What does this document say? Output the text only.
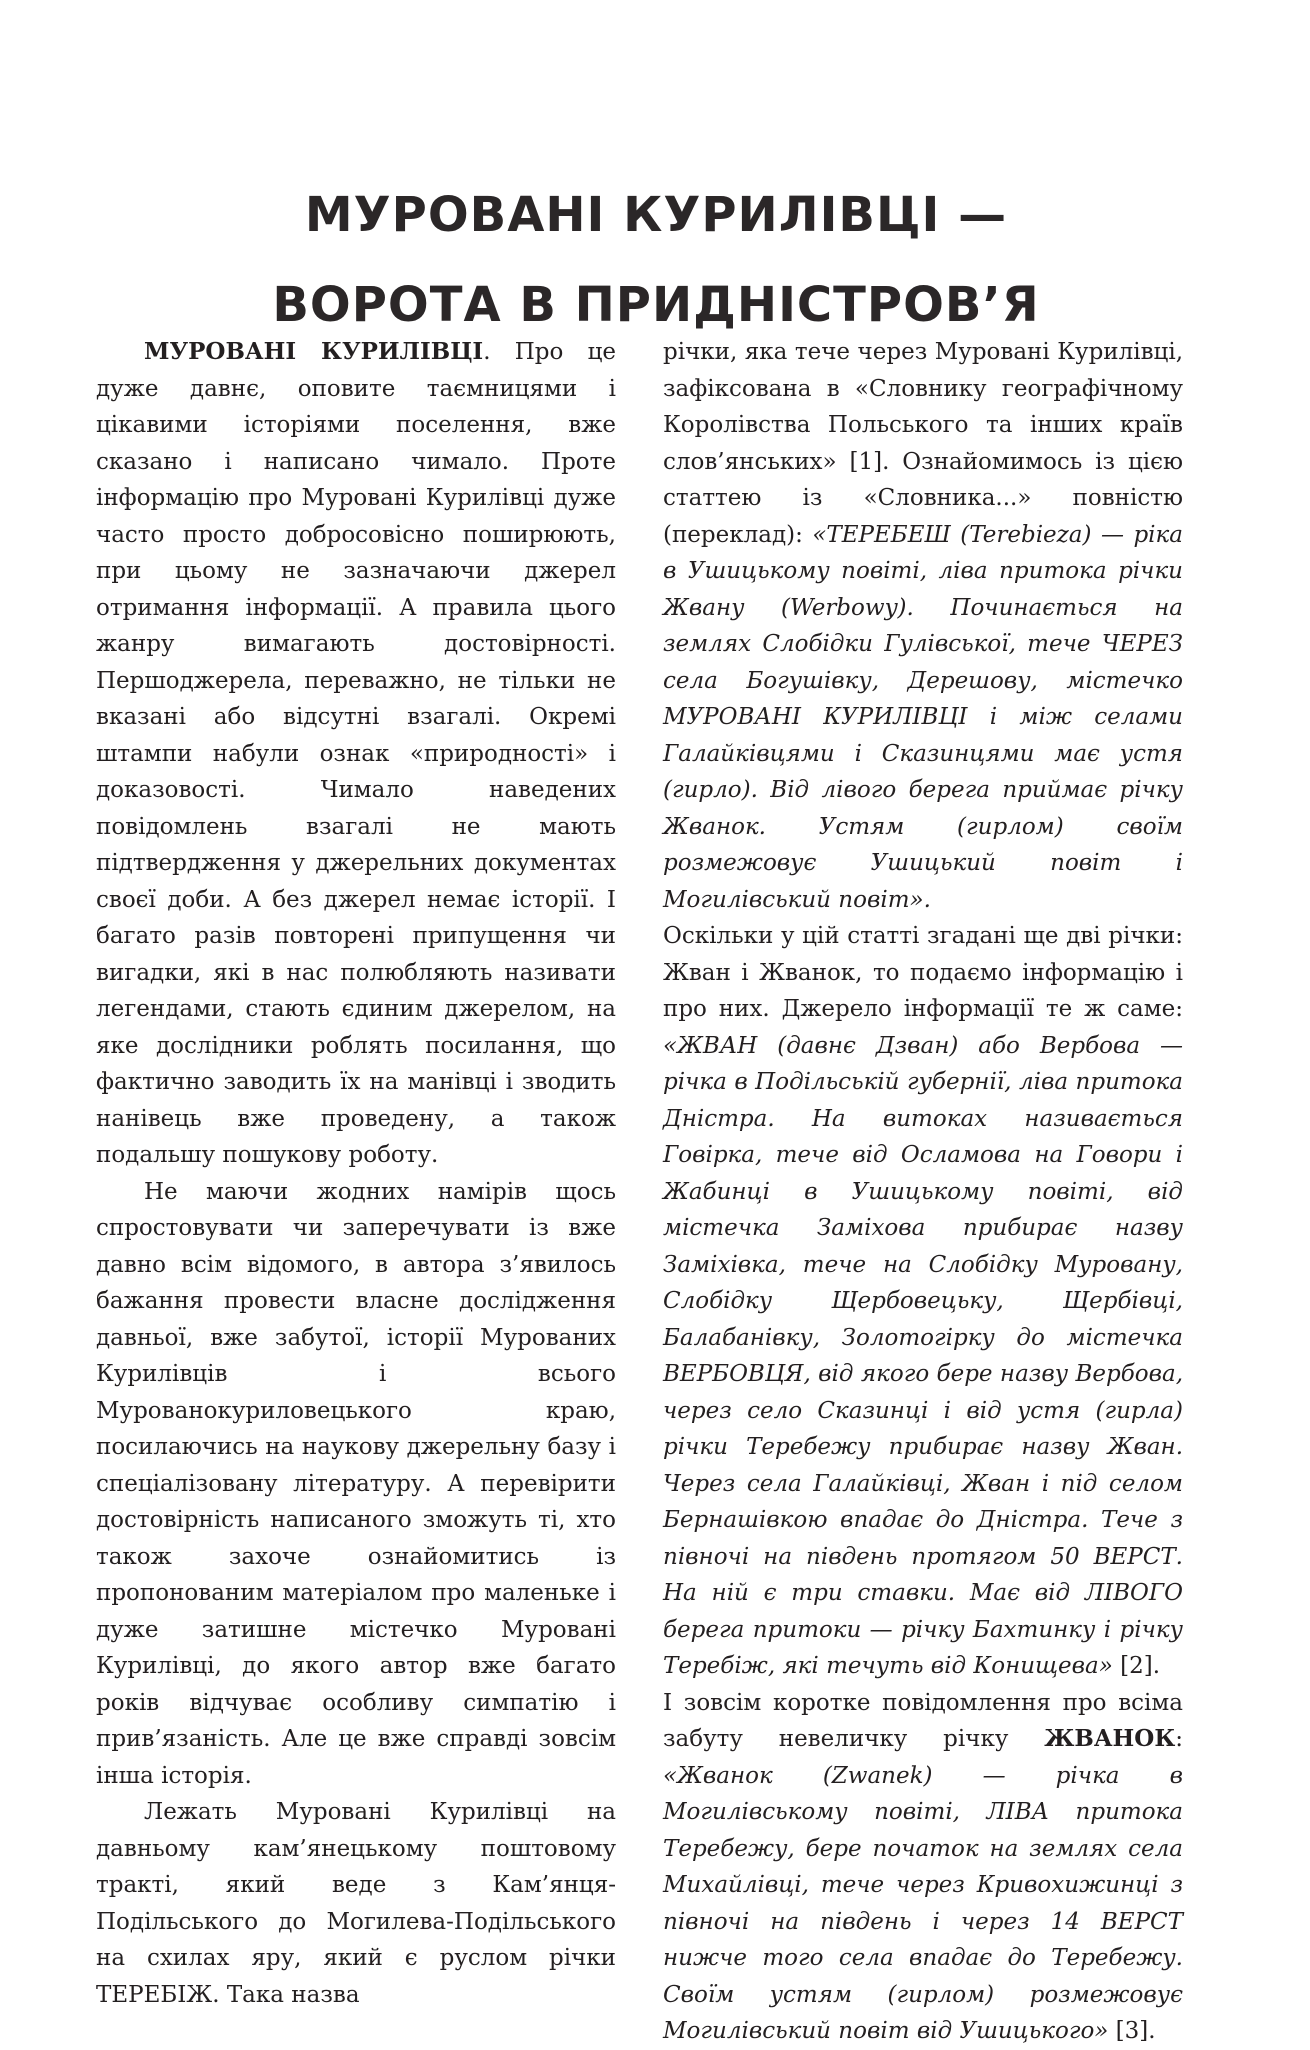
МУРОВАНІ КУРИЛІВЦІ —
ВОРОТА В ПРИДНІСТРОВ’Я

МУРОВАНІ КУРИЛІВЦІ. Про це дуже давнє, оповите таємницями і цікавими історіями поселення, вже сказано і написано чимало. Проте інформацію про Муровані Курилівці дуже часто просто добросовісно поширюють, при цьому не зазначаючи джерел отримання інформації. А правила цього жанру вимагають достовірності. Першоджерела, переважно, не тільки не вказані або відсутні взагалі. Окремі штампи набули ознак «природності» і доказовості. Чимало наведених повідомлень взагалі не мають підтвердження у джерельних документах своєї доби. А без джерел немає історії. І багато разів повторені припущення чи вигадки, які в нас полюбляють називати легендами, стають єдиним джерелом, на яке дослідники роблять посилання, що фактично заводить їх на манівці і зводить нанівець вже проведену, а також подальшу пошукову роботу.

Не маючи жодних намірів щось спростовувати чи заперечувати із вже давно всім відомого, в автора з’явилось бажання провести власне дослідження давньої, вже забутої, історії Мурованих Курилівців і всього Мурованокуриловецького краю, посилаючись на наукову джерельну базу і спеціалізовану літературу. А перевірити достовірність написаного зможуть ті, хто також захоче ознайомитись із пропонованим матеріалом про маленьке і дуже затишне містечко Муровані Курилівці, до якого автор вже багато років відчуває особливу симпатію і прив’язаність. Але це вже справді зовсім інша історія.

Лежать Муровані Курилівці на давньому кам’янецькому поштовому тракті, який веде з Кам’янця-Подільського до Могилева-Подільського на схилах яру, який є руслом річки ТЕРЕБІЖ. Така назва

річки, яка тече через Муровані Курилівці, зафіксована в «Словнику географічному Королівства Польського та інших країв слов’янських» [1]. Ознайомимось із цією статтею із «Словника...» повністю (переклад): «ТЕРЕБЕШ (Terebieza) — ріка в Ушицькому повіті, ліва притока річки Жвану (Werbowy). Починається на землях Слобідки Гулівської, тече ЧЕРЕЗ села Богушівку, Дерешову, містечко МУРОВАНІ КУРИЛІВЦІ і між селами Галайківцями і Сказинцями має устя (гирло). Від лівого берега приймає річку Жванок. Устям (гирлом) своїм розмежовує Ушицький повіт і Могилівський повіт».

Оскільки у цій статті згадані ще дві річки: Жван і Жванок, то подаємо інформацію і про них. Джерело інформації те ж саме: «ЖВАН (давнє Дзван) або Вербова — річка в Подільській губернії, ліва притока Дністра. На витоках називається Говірка, тече від Осламова на Говори і Жабинці в Ушицькому повіті, від містечка Заміхова прибирає назву Заміхівка, тече на Слобідку Муровану, Слобідку Щербовецьку, Щербівці, Балабанівку, Золотогірку до містечка ВЕРБОВЦЯ, від якого бере назву Вербова, через село Сказинці і від устя (гирла) річки Теребежу прибирає назву Жван. Через села Галайківці, Жван і під селом Бернашівкою впадає до Дністра. Тече з півночі на південь протягом 50 ВЕРСТ. На ній є три ставки. Має від ЛІВОГО берега притоки — річку Бахтинку і річку Теребіж, які течуть від Конищева» [2].

І зовсім коротке повідомлення про всіма забуту невеличку річку ЖВАНОК: «Жванок (Zwanek) — річка в Могилівському повіті, ЛІВА притока Теребежу, бере початок на землях села Михайлівці, тече через Кривохижинці з півночі на південь і через 14 ВЕРСТ нижче того села впадає до Теребежу. Своїм устям (гирлом) розмежовує Могилівський повіт від Ушицького» [3].
